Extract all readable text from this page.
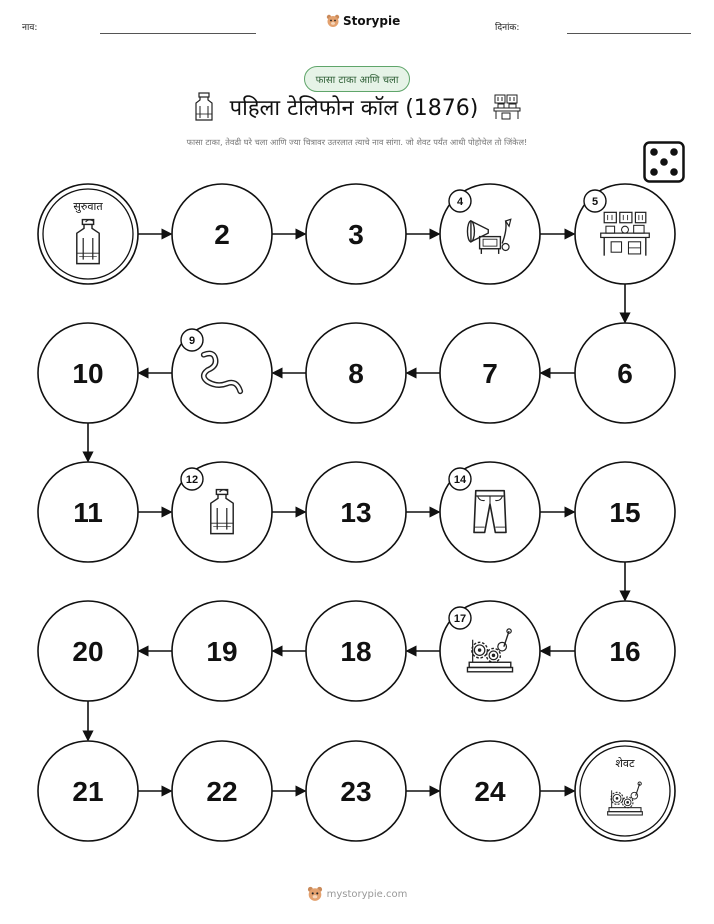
नाव:	Storypie	दिनांक:
फासा टाका आणि चला
पहिला टेलिफोन कॉल (1876)
फासा टाका, तेवढी घरे चला आणि ज्या चित्रावर उतरलात त्याचे नाव सांगा. जो शेवट पर्यंत आधी पोहोचेल तो जिंकेल!
सुरुवात
2	3
4	5
6
7
8
9
10
11
12
13
14
15
16
17
18
19
20
21	22	23	24
शेवट
mystorypie.com
